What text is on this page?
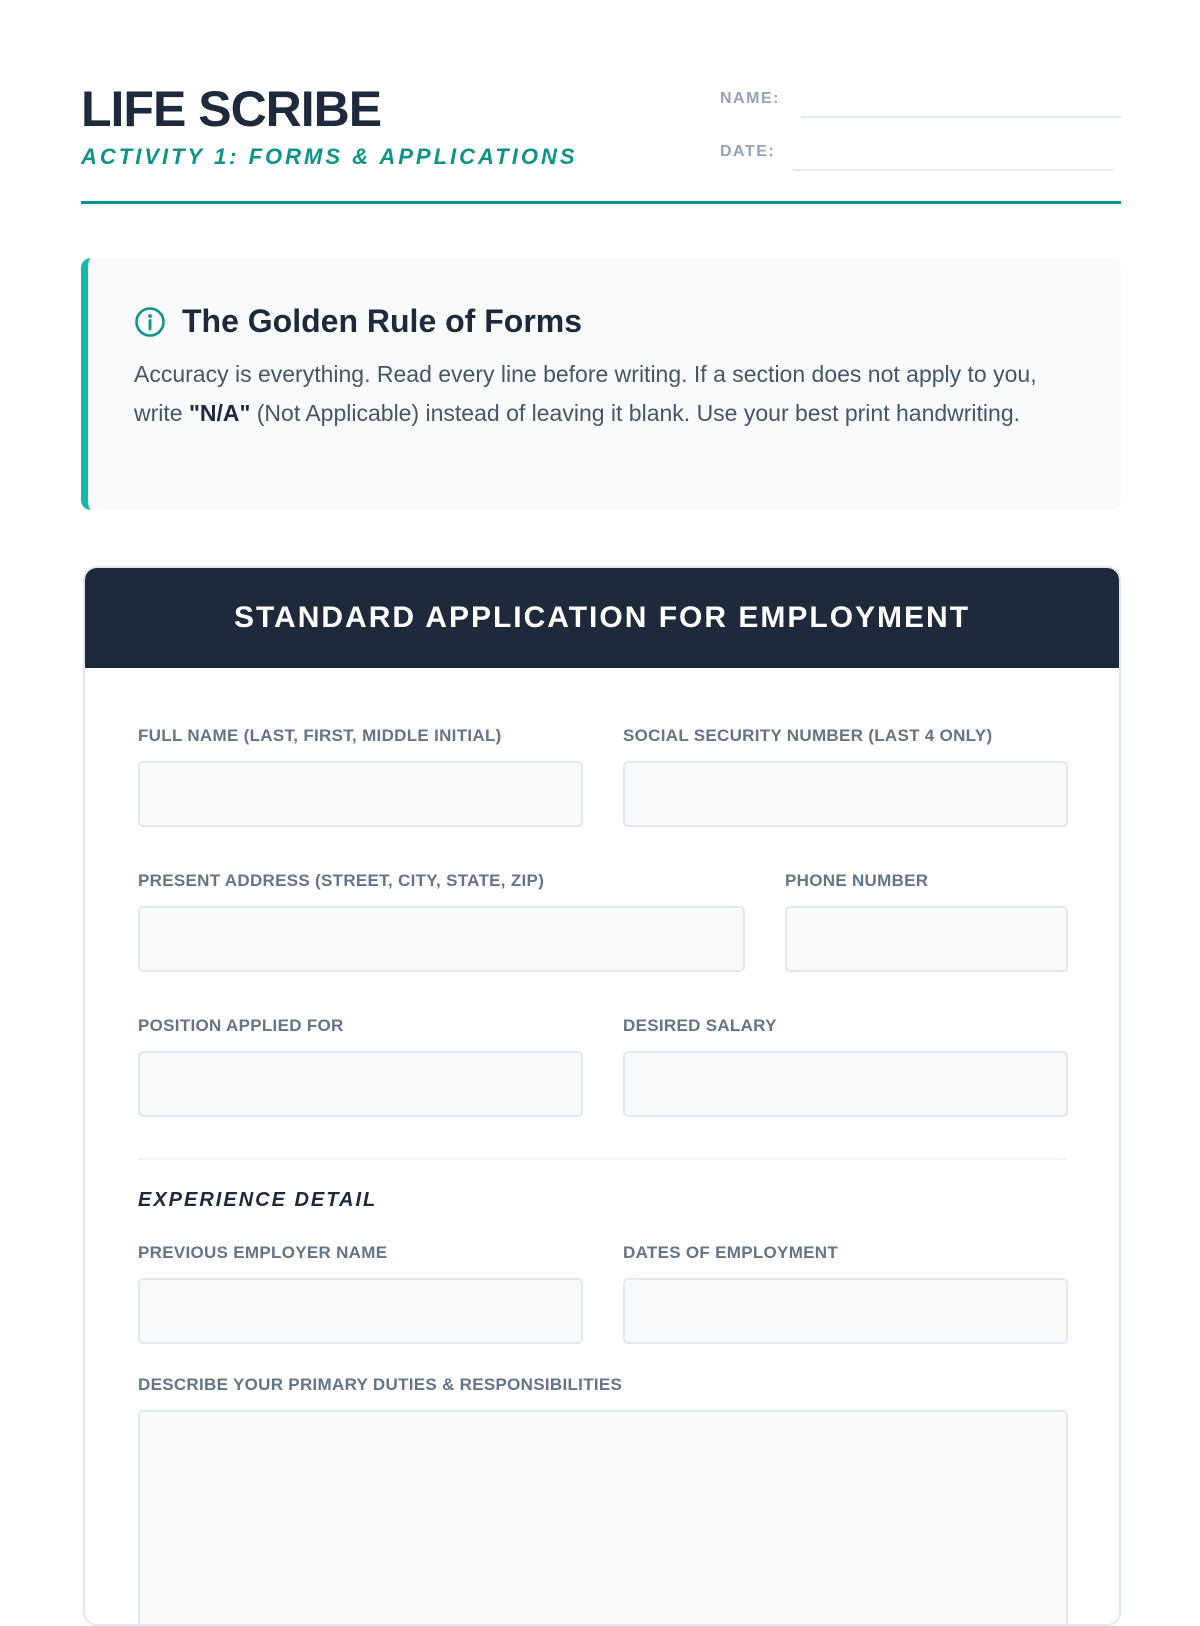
LIFE SCRIBE
ACTIVITY 1: FORMS & APPLICATIONS
NAME:
DATE:
The Golden Rule of Forms

Accuracy is everything. Read every line before writing. If a section does not apply to you, write "N/A" (Not Applicable) instead of leaving it blank. Use your best print handwriting.

STANDARD APPLICATION FOR EMPLOYMENT
FULL NAME (LAST, FIRST, MIDDLE INITIAL)	SOCIAL SECURITY NUMBER (LAST 4 ONLY)
PRESENT ADDRESS (STREET, CITY, STATE, ZIP)	PHONE NUMBER
POSITION APPLIED FOR	DESIRED SALARY
EXPERIENCE DETAIL
PREVIOUS EMPLOYER NAME	DATES OF EMPLOYMENT
DESCRIBE YOUR PRIMARY DUTIES & RESPONSIBILITIES
